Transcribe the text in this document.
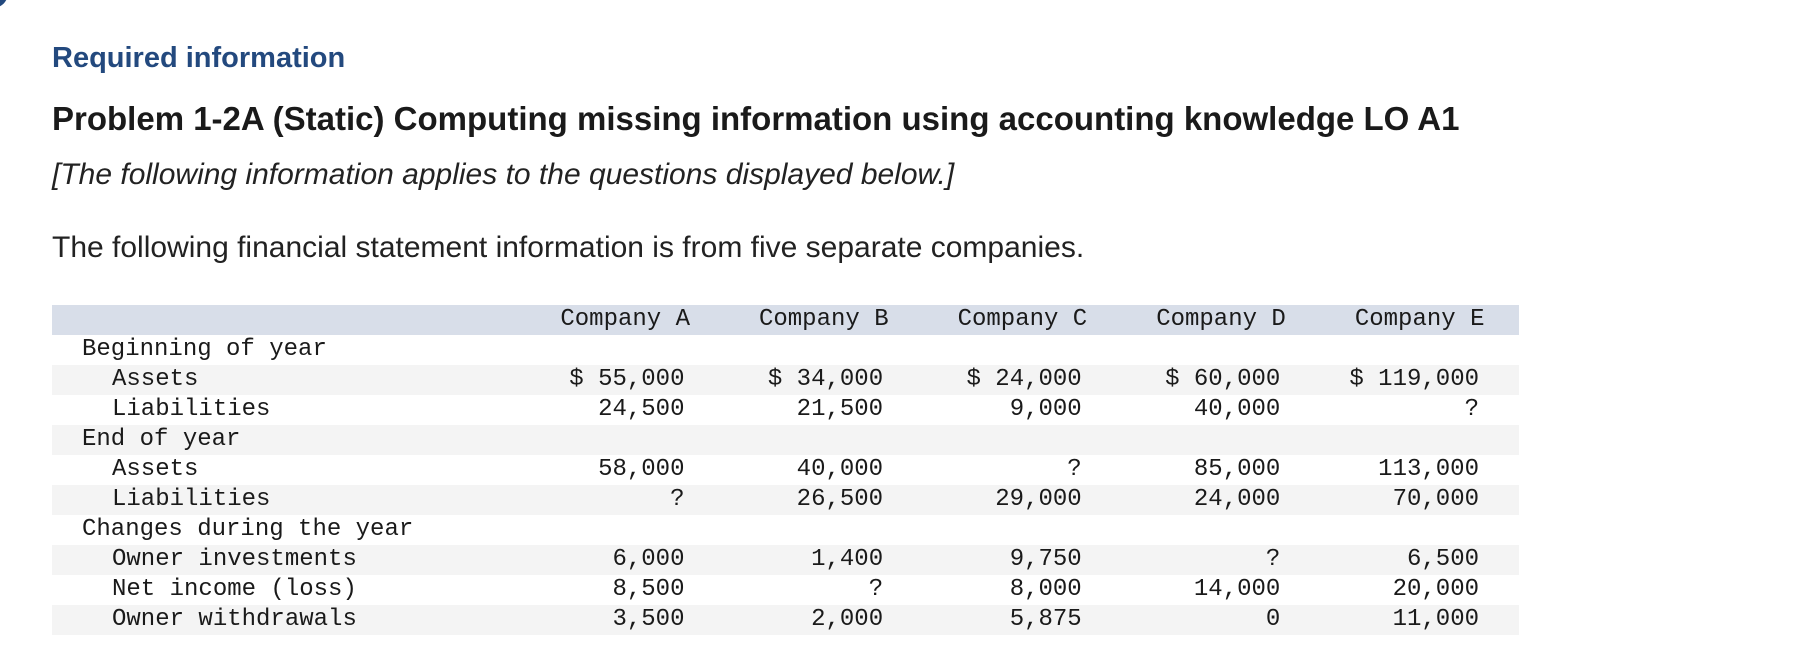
Required information
Problem 1-2A (Static) Computing missing information using accounting knowledge LO A1
[The following information applies to the questions displayed below.]
The following financial statement information is from five separate companies.
	Company A	Company B	Company C	Company D	Company E
Beginning of year					
Assets	$ 55,000	$ 34,000	$ 24,000	$ 60,000	$ 119,000
Liabilities	24,500	21,500	9,000	40,000	?
End of year					
Assets	58,000	40,000	?	85,000	113,000
Liabilities	?	26,500	29,000	24,000	70,000
Changes during the year					
Owner investments	6,000	1,400	9,750	?	6,500
Net income (loss)	8,500	?	8,000	14,000	20,000
Owner withdrawals	3,500	2,000	5,875	0	11,000
